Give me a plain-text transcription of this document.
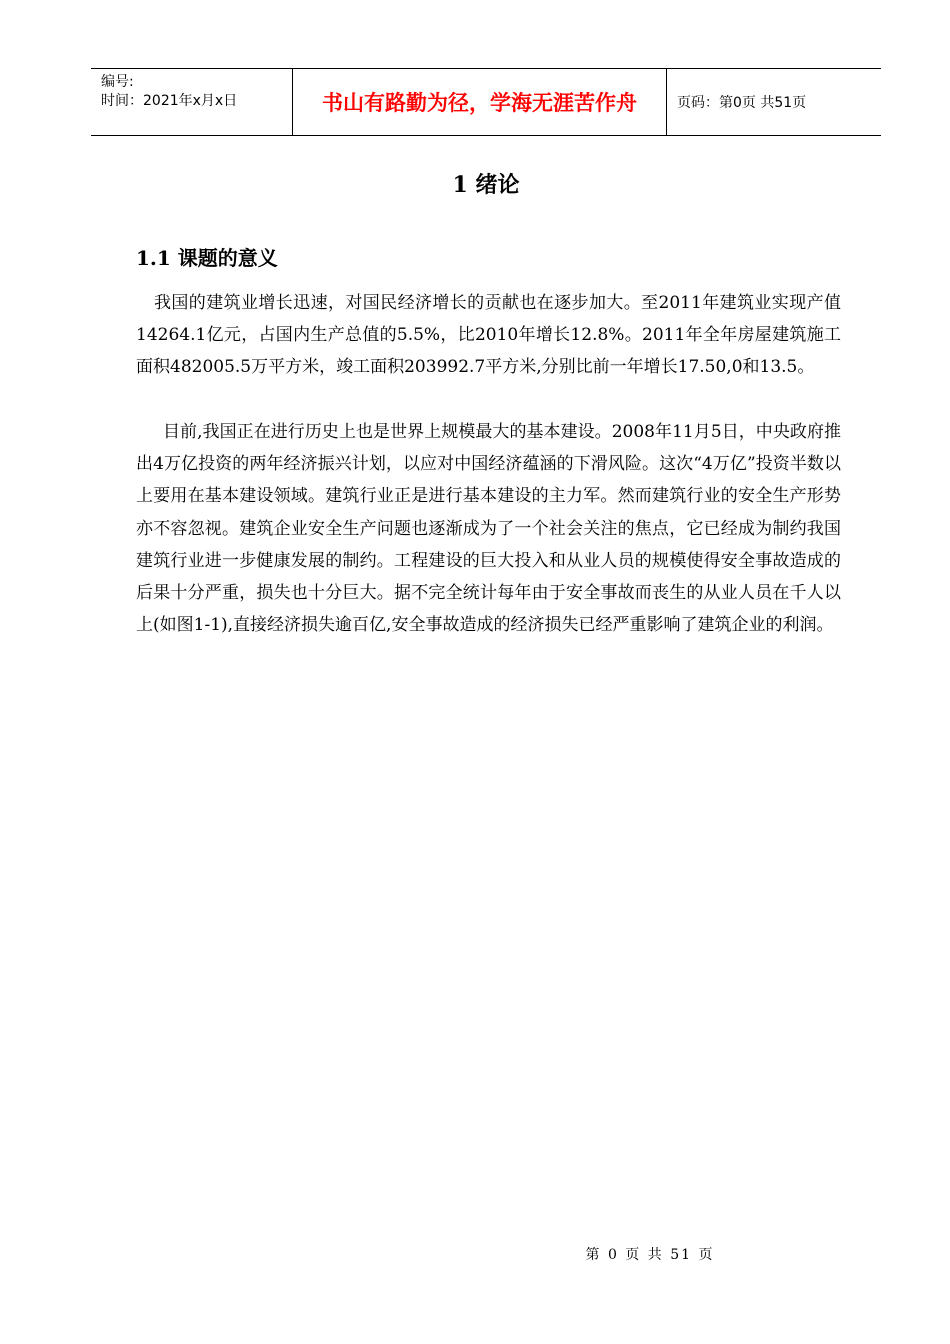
编号:
时间：2021年x月x日	书山有路勤为径，学海无涯苦作舟	页码：第0页 共51页
1 绪论
1.1 课题的意义
我国的建筑业增长迅速，对国民经济增长的贡献也在逐步加大。至2011年建筑业实现产值14264.1亿元，占国内生产总值的5.5%，比2010年增长12.8%。2011年全年房屋建筑施工面积482005.5万平方米，竣工面积203992.7平方米,分别比前一年增长17.50,0和13.5。
目前,我国正在进行历史上也是世界上规模最大的基本建设。2008年11月5日，中央政府推出4万亿投资的两年经济振兴计划，以应对中国经济蕴涵的下滑风险。这次“4万亿”投资半数以上要用在基本建设领域。建筑行业正是进行基本建设的主力军。然而建筑行业的安全生产形势亦不容忽视。建筑企业安全生产问题也逐渐成为了一个社会关注的焦点，它已经成为制约我国建筑行业进一步健康发展的制约。工程建设的巨大投入和从业人员的规模使得安全事故造成的后果十分严重，损失也十分巨大。据不完全统计每年由于安全事故而丧生的从业人员在千人以上(如图1-1),直接经济损失逾百亿,安全事故造成的经济损失已经严重影响了建筑企业的利润。
第 0 页 共 51 页
